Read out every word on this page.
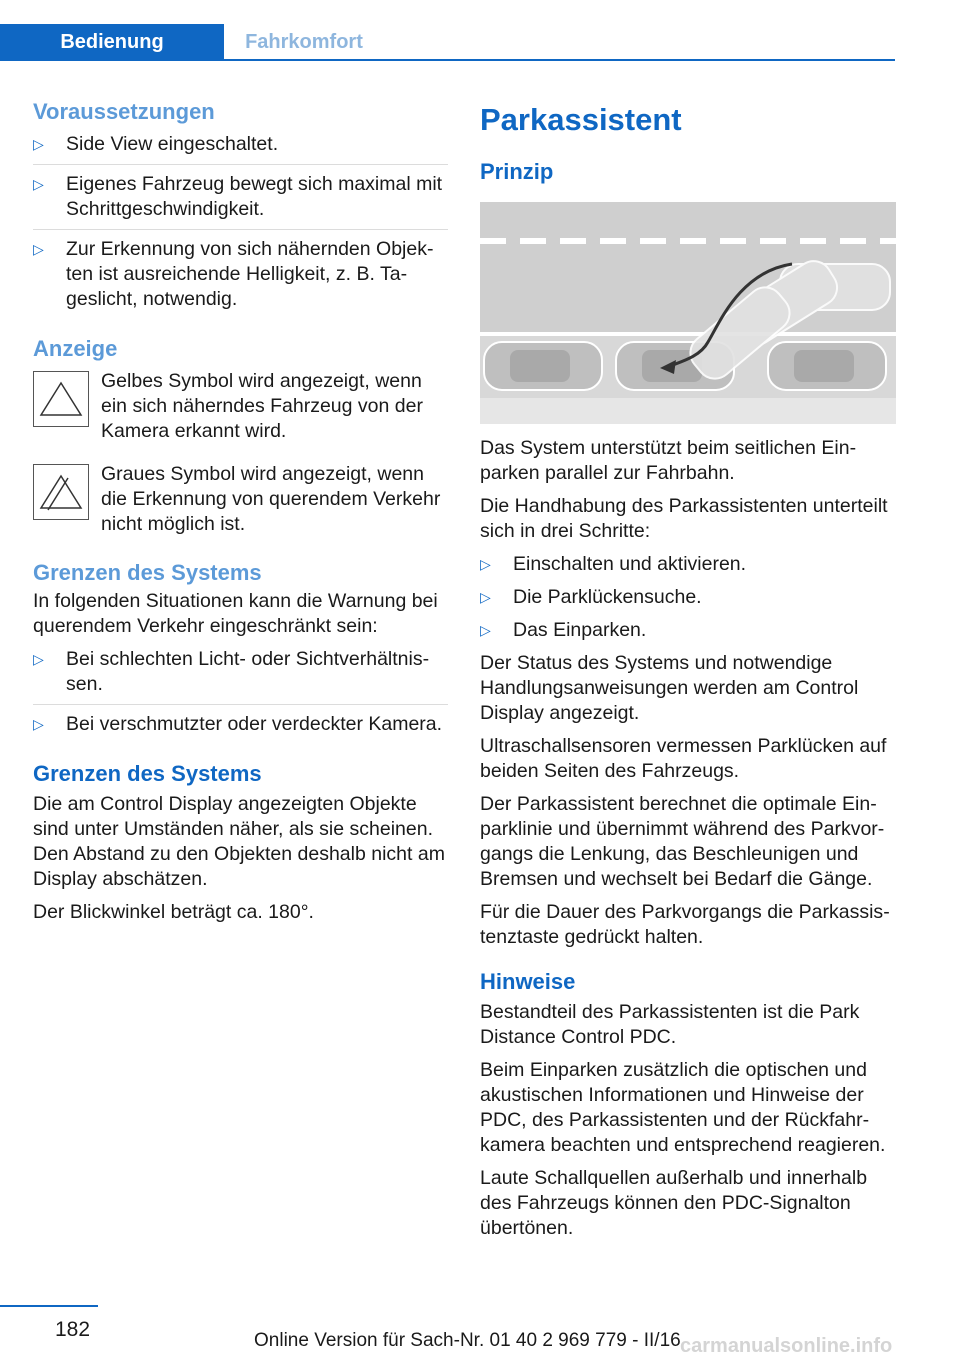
Bedienung	Fahrkomfort
Voraussetzungen
▷ Side View eingeschaltet.
▷ Eigenes Fahrzeug bewegt sich maximal mit Schrittgeschwindigkeit.
▷ Zur Erkennung von sich nähernden Objekten ist ausreichende Helligkeit, z. B. Tageslicht, notwendig.
Anzeige
Gelbes Symbol wird angezeigt, wenn ein sich näherndes Fahrzeug von der Kamera erkannt wird.
Graues Symbol wird angezeigt, wenn die Erkennung von querendem Verkehr nicht möglich ist.
Grenzen des Systems

In folgenden Situationen kann die Warnung bei querendem Verkehr eingeschränkt sein:

▷ Bei schlechten Licht- oder Sichtverhältnissen.
▷ Bei verschmutzter oder verdeckter Kamera.
Grenzen des Systems

Die am Control Display angezeigten Objekte sind unter Umständen näher, als sie scheinen. Den Abstand zu den Objekten deshalb nicht am Display abschätzen.

Der Blickwinkel beträgt ca. 180°.

Parkassistent
Prinzip

Das System unterstützt beim seitlichen Einparken parallel zur Fahrbahn.

Die Handhabung des Parkassistenten unterteilt sich in drei Schritte:

▷ Einschalten und aktivieren.
▷ Die Parklückensuche.
▷ Das Einparken.

Der Status des Systems und notwendige Handlungsanweisungen werden am Control Display angezeigt.

Ultraschallsensoren vermessen Parklücken auf beiden Seiten des Fahrzeugs.

Der Parkassistent berechnet die optimale Einparklinie und übernimmt während des Parkvorgangs die Lenkung, das Beschleunigen und Bremsen und wechselt bei Bedarf die Gänge.

Für die Dauer des Parkvorgangs die Parkassistenztaste gedrückt halten.

Hinweise

Bestandteil des Parkassistenten ist die Park Distance Control PDC.

Beim Einparken zusätzlich die optischen und akustischen Informationen und Hinweise der PDC, des Parkassistenten und der Rückfahrkamera beachten und entsprechend reagieren.

Laute Schallquellen außerhalb und innerhalb des Fahrzeugs können den PDC-Signalton übertönen.

182	Online Version für Sach-Nr. 01 40 2 969 779 - II/16 carmanualsonline.info
